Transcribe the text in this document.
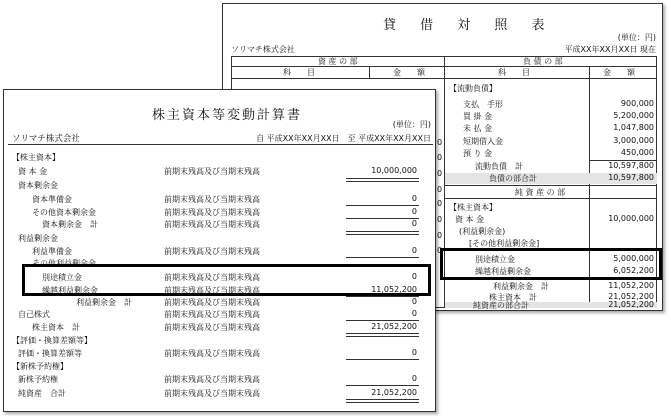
貸 借 対 照 表
(単位：円)
ソリマチ株式会社	平成XX年XX月XX日 現在
資 産 の 部	負 債 の 部
科　　目	金　　額	科　　目	金　　額
0
0
0
0
0
0
0
0
【流動負債】
支払　手形	900,000
買 掛 金	5,200,000
未 払 金	1,047,800
短期借入金	3,000,000
預 り 金	450,000
流動負債　計	10,597,800
負債の部合計	10,597,800
純 資 産 の 部
【株主資本】
資 本 金	10,000,000
(利益剰余金)
[その他利益剰余金]
別途積立金	5,000,000
繰越利益剰余金	6,052,200
利益剰余金　計	11,052,200
株主資本　計	21,052,200
純資産の部合計	21,052,200
株主資本等変動計算書
(単位：円)
ソリマチ株式会社	自 平成XX年XX月XX日　至 平成XX年XX月XX日
【株主資本】
資 本 金	前期末残高及び当期末残高	10,000,000
資本剰余金
資本準備金	前期末残高及び当期末残高	0
その他資本剰余金	前期末残高及び当期末残高	0
資本剰余金　計	前期末残高及び当期末残高	0
利益剰余金
利益準備金	前期末残高及び当期末残高	0
その他利益剰余金
別途積立金	前期末残高及び当期末残高	0
繰越利益剰余金	前期末残高及び当期末残高	11,052,200
利益剰余金　計	前期末残高及び当期末残高	0
自己株式	前期末残高及び当期末残高	0
株主資本　計	前期末残高及び当期末残高	21,052,200
【評価・換算差額等】
評価・換算差額等	前期末残高及び当期末残高	0
【新株予約権】
新株予約権	前期末残高及び当期末残高	0
純資産　合計	前期末残高及び当期末残高	21,052,200
